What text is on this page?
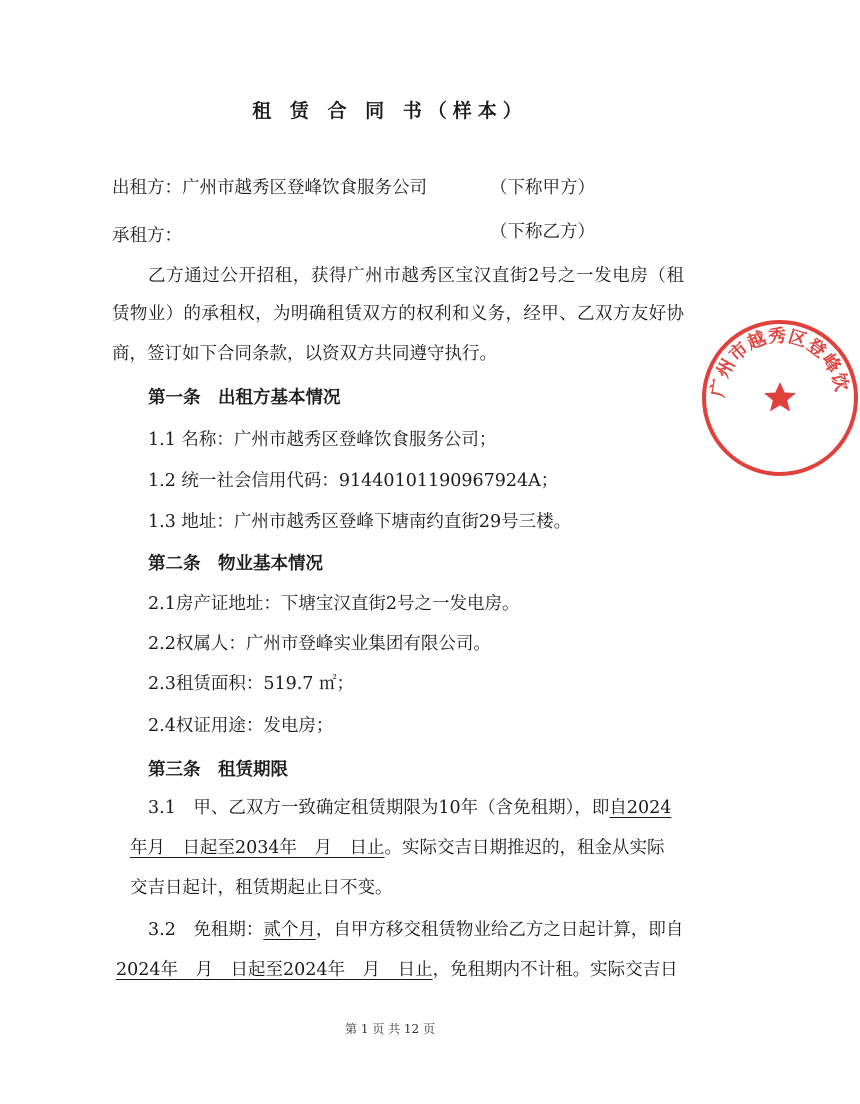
租 赁 合 同 书（样本）
出租方：广州市越秀区登峰饮食服务公司	（下称甲方）
承租方：	（下称乙方）
乙方通过公开招租，获得广州市越秀区宝汉直街2号之一发电房（租
赁物业）的承租权，为明确租赁双方的权利和义务，经甲、乙双方友好协
商，签订如下合同条款，以资双方共同遵守执行。
第一条　出租方基本情况
1.1 名称：广州市越秀区登峰饮食服务公司；
1.2 统一社会信用代码：91440101190967924A；
1.3 地址：广州市越秀区登峰下塘南约直街29号三楼。
第二条　物业基本情况
2.1房产证地址：下塘宝汉直街2号之一发电房。
2.2权属人：广州市登峰实业集团有限公司。
2.3租赁面积：519.7 ㎡；
2.4权证用途：发电房；
第三条　租赁期限
3.1　甲、乙双方一致确定租赁期限为10年（含免租期），即自2024
年月　日起至2034年　月　日止。实际交吉日期推迟的，租金从实际
交吉日起计，租赁期起止日不变。
3.2　免租期：贰个月，自甲方移交租赁物业给乙方之日起计算，即自
2024年　月　日起至2024年　月　日止，免租期内不计租。实际交吉日
第 1 页 共 12 页
广州市越秀区登峰饮
